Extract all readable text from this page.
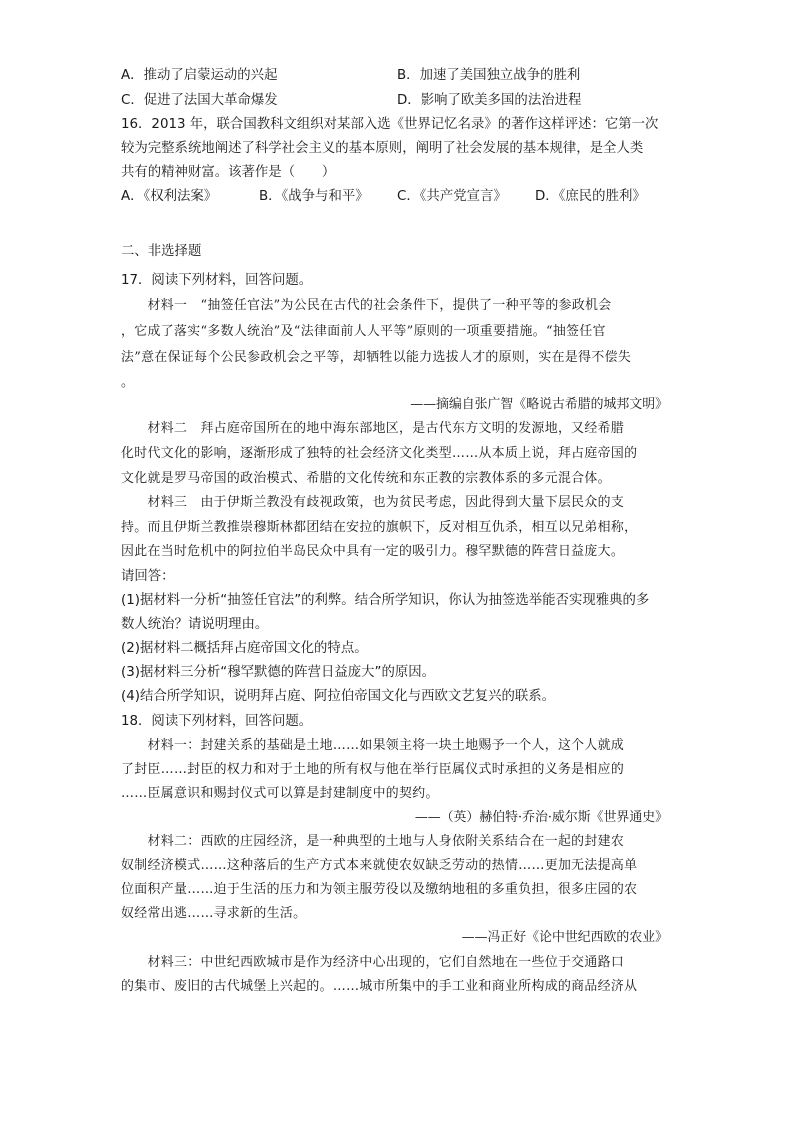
A．推动了启蒙运动的兴起	B．加速了美国独立战争的胜利
C．促进了法国大革命爆发	D．影响了欧美多国的法治进程
16．2013 年，联合国教科文组织对某部入选《世界记忆名录》的著作这样评述：它第一次
较为完整系统地阐述了科学社会主义的基本原则，阐明了社会发展的基本规律，是全人类
共有的精神财富。该著作是（　　）
A．《权利法案》	B．《战争与和平》 C．《共产党宣言》 D．《庶民的胜利》
二、非选择题
17．阅读下列材料，回答问题。
　　材料一　“抽签任官法”为公民在古代的社会条件下，提供了一种平等的参政机会
，它成了落实“多数人统治”及“法律面前人人平等”原则的一项重要措施。“抽签任官
法”意在保证每个公民参政机会之平等，却牺牲以能力选拔人才的原则，实在是得不偿失
。
——摘编自张广智《略说古希腊的城邦文明》
　　材料二　拜占庭帝国所在的地中海东部地区，是古代东方文明的发源地，又经希腊
化时代文化的影响，逐渐形成了独特的社会经济文化类型……从本质上说，拜占庭帝国的
文化就是罗马帝国的政治模式、希腊的文化传统和东正教的宗教体系的多元混合体。
　　材料三　由于伊斯兰教没有歧视政策，也为贫民考虑，因此得到大量下层民众的支
持。而且伊斯兰教推崇穆斯林都团结在安拉的旗帜下，反对相互仇杀，相互以兄弟相称，
因此在当时危机中的阿拉伯半岛民众中具有一定的吸引力。穆罕默德的阵营日益庞大。
请回答：
(1)据材料一分析“抽签任官法”的利弊。结合所学知识，你认为抽签选举能否实现雅典的多
数人统治？请说明理由。
(2)据材料二概括拜占庭帝国文化的特点。
(3)据材料三分析“穆罕默德的阵营日益庞大”的原因。
(4)结合所学知识，说明拜占庭、阿拉伯帝国文化与西欧文艺复兴的联系。
18．阅读下列材料，回答问题。
　　材料一：封建关系的基础是土地……如果领主将一块土地赐予一个人，这个人就成
了封臣……封臣的权力和对于土地的所有权与他在举行臣属仪式时承担的义务是相应的
……臣属意识和赐封仪式可以算是封建制度中的契约。
——（英）赫伯特·乔治·威尔斯《世界通史》
　　材料二：西欧的庄园经济，是一种典型的土地与人身依附关系结合在一起的封建农
奴制经济模式……这种落后的生产方式本来就使农奴缺乏劳动的热情……更加无法提高单
位面积产量……迫于生活的压力和为领主服劳役以及缴纳地租的多重负担，很多庄园的农
奴经常出逃……寻求新的生活。
——冯正好《论中世纪西欧的农业》
　　材料三：中世纪西欧城市是作为经济中心出现的，它们自然地在一些位于交通路口
的集市、废旧的古代城堡上兴起的。……城市所集中的手工业和商业所构成的商品经济从
